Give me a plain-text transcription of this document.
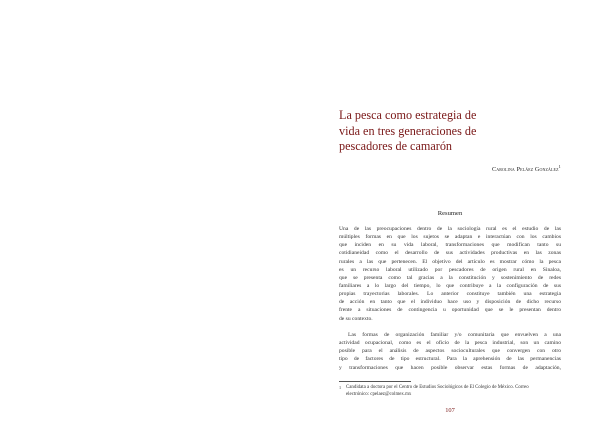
La pesca como estrategia de
vida en tres generaciones de
pescadores de camarón
Carolina Peláez González$^1$
Resumen
Una de las preocupaciones dentro de la sociología rural es el estudio de las
múltiples formas en que los sujetos se adaptan e interactúan con los cambios
que inciden en su vida laboral, transformaciones que modifican tanto su
cotidianeidad como el desarrollo de sus actividades productivas en las zonas
rurales a las que pertenecen. El objetivo del artículo es mostrar cómo la pesca
es un recurso laboral utilizado por pescadores de origen rural en Sinaloa,
que se presenta como tal gracias a la constitución y sostenimiento de redes
familiares a lo largo del tiempo, lo que contribuye a la configuración de sus
propias trayectorias laborales. Lo anterior constituye también una estrategia
de acción en tanto que el individuo hace uso y disposición de dicho recurso
frente a situaciones de contingencia u oportunidad que se le presentan dentro
de su contexto.
Las formas de organización familiar y/o comunitaria que envuelven a una
actividad ocupacional, como es el oficio de la pesca industrial, son un camino
posible para el análisis de aspectos socioculturales que convergen con otro
tipo de factores de tipo estructural. Para la aprehensión de las permanencias
y transformaciones que hacen posible observar estas formas de adaptación,
1	Candidata a doctora por el Centro de Estudios Sociológicos de El Colegio de México. Correo
electrónico: cpelaez@colmex.mx
107
